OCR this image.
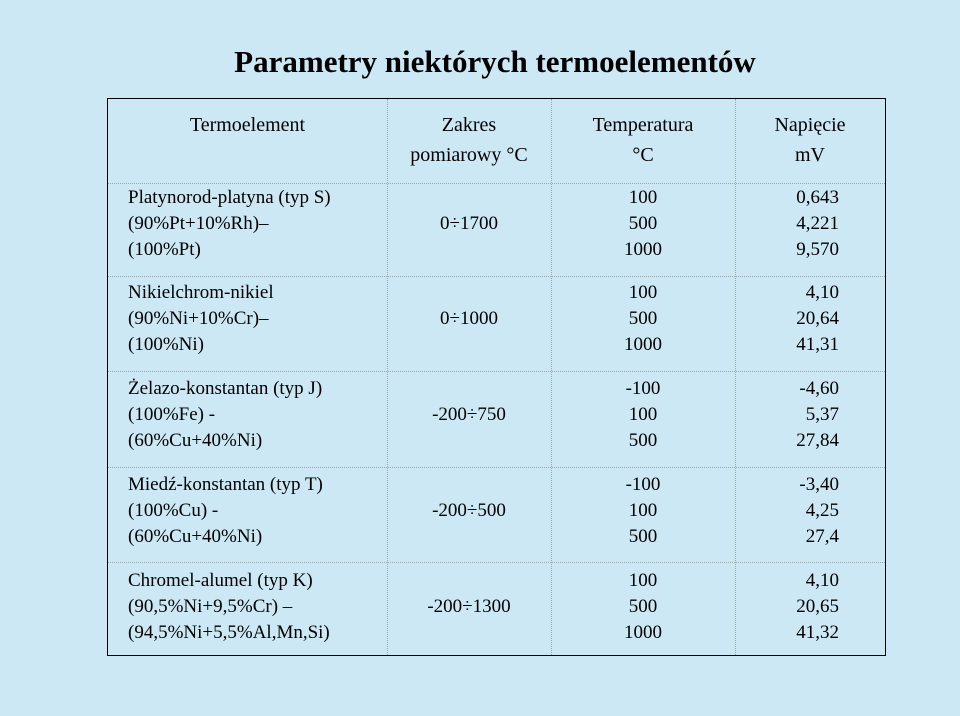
Parametry niektórych termoelementów
Termoelement	Zakres
pomiarowy °C
Temperatura
°C
Napięcie
mV
Platynorod-platyna (typ S)
(90%Pt+10%Rh)–
(100%Pt)
0÷1700
100
500
1000
0,643
4,221
9,570
Nikielchrom-nikiel
(90%Ni+10%Cr)–
(100%Ni)
0÷1000
100
500
1000
4,10
20,64
41,31
Żelazo-konstantan (typ J)
(100%Fe) -
(60%Cu+40%Ni)
-200÷750
-100
100
500
-4,60
5,37
27,84
Miedź-konstantan (typ T)
(100%Cu) -
(60%Cu+40%Ni)
-200÷500
-100
100
500
-3,40
4,25
27,4
Chromel-alumel (typ K)
(90,5%Ni+9,5%Cr) –
(94,5%Ni+5,5%Al,Mn,Si)
-200÷1300
100
500
1000
4,10
20,65
41,32
